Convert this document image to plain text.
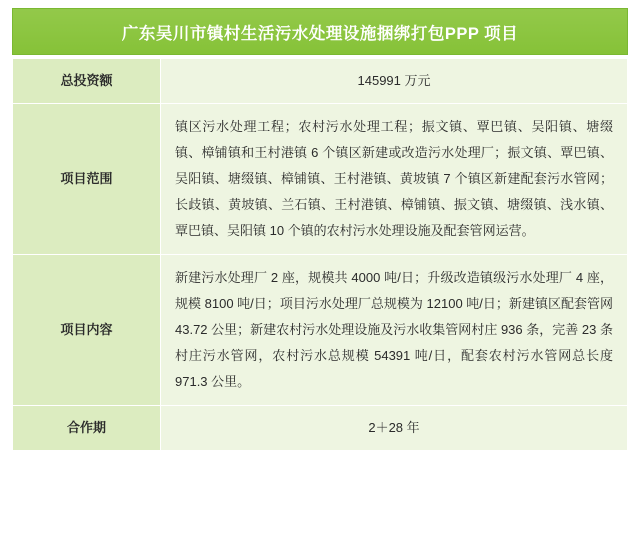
广东吴川市镇村生活污水处理设施捆绑打包PPP 项目
总投资额	145991 万元
项目范围	镇区污水处理工程；农村污水处理工程；振文镇、覃巴镇、吴阳镇、塘缀镇、樟铺镇和王村港镇 6 个镇区新建或改造污水处理厂；振文镇、覃巴镇、吴阳镇、塘缀镇、樟铺镇、王村港镇、黄坡镇 7 个镇区新建配套污水管网；长歧镇、黄坡镇、兰石镇、王村港镇、樟铺镇、振文镇、塘缀镇、浅水镇、覃巴镇、吴阳镇 10 个镇的农村污水处理设施及配套管网运营。
项目内容	新建污水处理厂 2 座，规模共 4000 吨/日；升级改造镇级污水处理厂 4 座，规模 8100 吨/日；项目污水处理厂总规模为 12100 吨/日；新建镇区配套管网 43.72 公里；新建农村污水处理设施及污水收集管网村庄 936 条，完善 23 条村庄污水管网，农村污水总规模 54391 吨/日，配套农村污水管网总长度 971.3 公里。
合作期	2＋28 年
